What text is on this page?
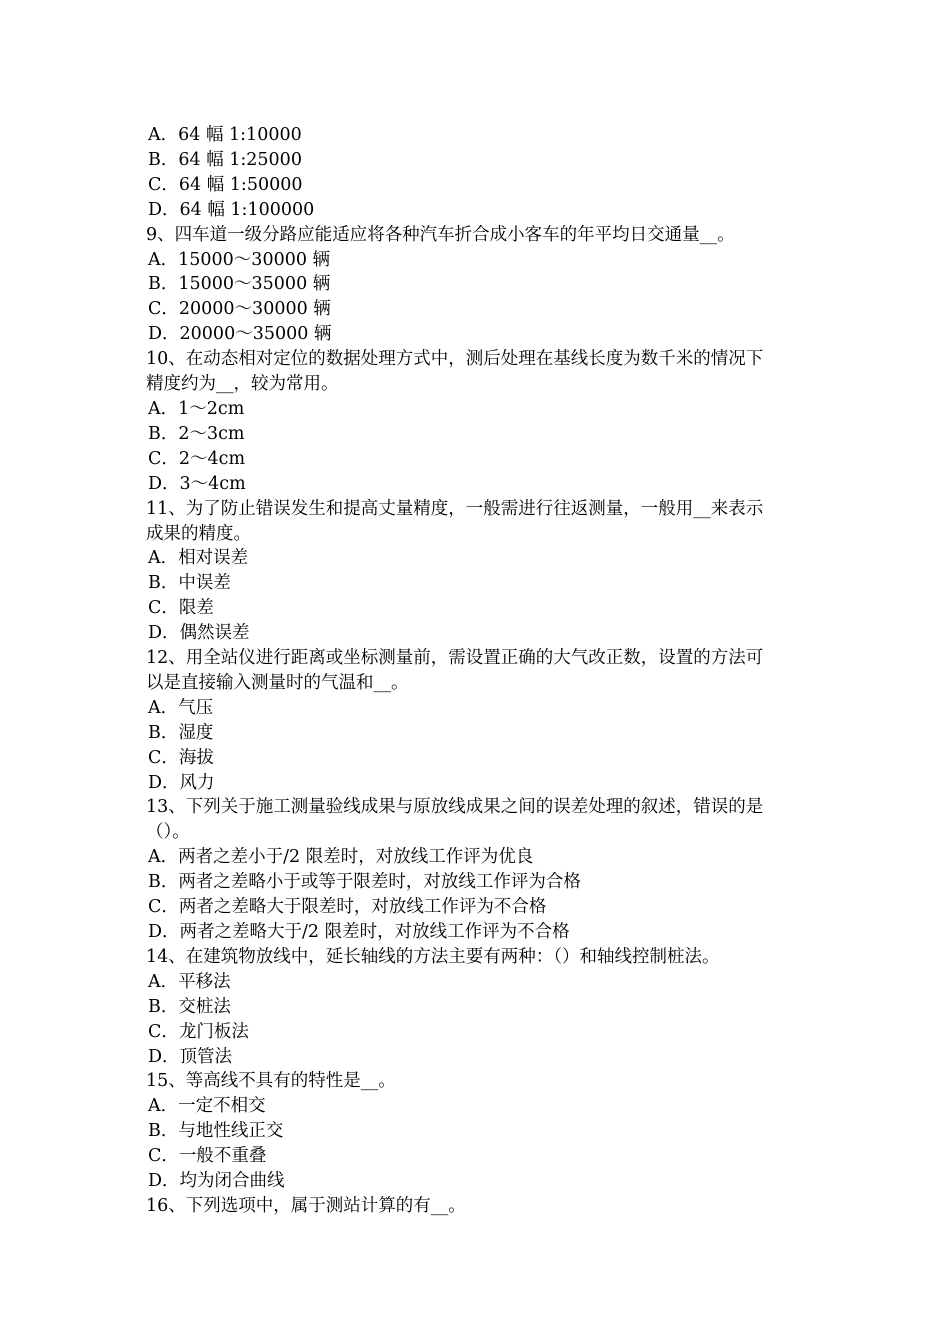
A．64 幅 1:10000

B．64 幅 1:25000

C．64 幅 1:50000

D．64 幅 1:100000

9、四车道一级分路应能适应将各种汽车折合成小客车的年平均日交通量__。

A．15000～30000 辆

B．15000～35000 辆

C．20000～30000 辆

D．20000～35000 辆

10、在动态相对定位的数据处理方式中，测后处理在基线长度为数千米的情况下

精度约为__，较为常用。

A．1～2cm

B．2～3cm

C．2～4cm

D．3～4cm

11、为了防止错误发生和提高丈量精度，一般需进行往返测量，一般用__来表示

成果的精度。

A．相对误差

B．中误差

C．限差

D．偶然误差

12、用全站仪进行距离或坐标测量前，需设置正确的大气改正数，设置的方法可

以是直接输入测量时的气温和__。

A．气压

B．湿度

C．海拔

D．风力

13、下列关于施工测量验线成果与原放线成果之间的误差处理的叙述，错误的是

（）。

A．两者之差小于/2 限差时，对放线工作评为优良

B．两者之差略小于或等于限差时，对放线工作评为合格

C．两者之差略大于限差时，对放线工作评为不合格

D．两者之差略大于/2 限差时，对放线工作评为不合格

14、在建筑物放线中，延长轴线的方法主要有两种：（）和轴线控制桩法。

A．平移法

B．交桩法

C．龙门板法

D．顶管法

15、等高线不具有的特性是__。

A．一定不相交

B．与地性线正交

C．一般不重叠

D．均为闭合曲线

16、下列选项中，属于测站计算的有__。
